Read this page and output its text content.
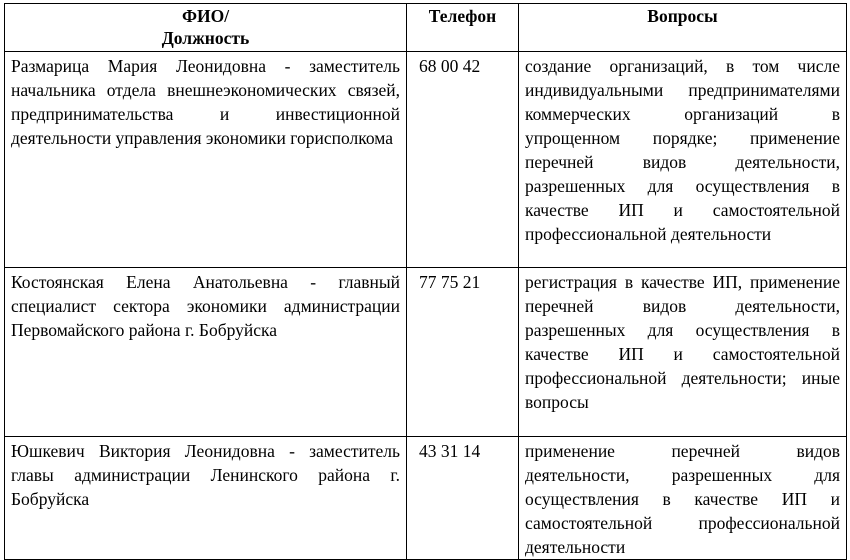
ФИО/
Должность	Телефон	Вопросы
Размарица Мария Леонидовна - заместитель начальника отдела внешнеэкономических связей, предпринимательства и инвестиционной деятельности управления экономики горисполкома	68 00 42	создание организаций, в том числе индивидуальными предпринимателями коммерческих организаций в упрощенном порядке; применение перечней видов деятельности, разрешенных для осуществления в качестве ИП и самостоятельной профессиональной деятельности
Костоянская Елена Анатольевна - главный специалист сектора экономики администрации Первомайского района г. Бобруйска	77 75 21	регистрация в качестве ИП, применение перечней видов деятельности, разрешенных для осуществления в качестве ИП и самостоятельной профессиональной деятельности; иные вопросы
Юшкевич Виктория Леонидовна - заместитель главы администрации Ленинского района г. Бобруйска	43 31 14	применение перечней видов деятельности, разрешенных для осуществления в качестве ИП и самостоятельной профессиональной деятельности
